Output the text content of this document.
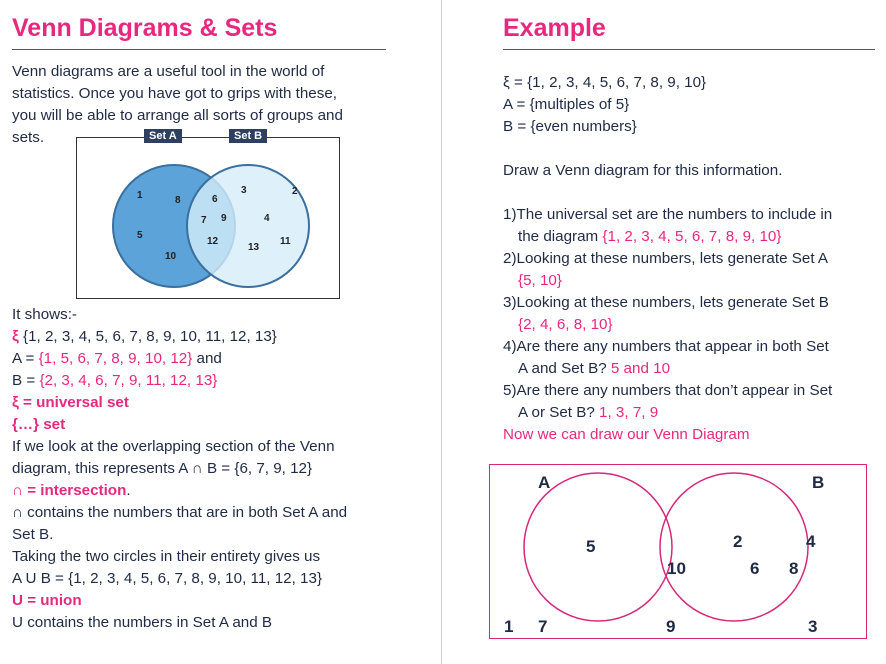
Venn Diagrams & Sets
Venn diagrams are a useful tool in the world of
statistics. Once you have got to grips with these,
you will be able to arrange all sorts of groups and
sets.	Set A	Set B
1	8
5
10
6
7 9
12
3	2
4
13
11
It shows:-
ξ {1, 2, 3, 4, 5, 6, 7, 8, 9, 10, 11, 12, 13}
A = {1, 5, 6, 7, 8, 9, 10, 12} and
B = {2, 3, 4, 6, 7, 9, 11, 12, 13}
ξ = universal set
{…} set
If we look at the overlapping section of the Venn
diagram, this represents A ∩ B = {6, 7, 9, 12}
∩ = intersection.
∩ contains the numbers that are in both Set A and
Set B.
Taking the two circles in their entirety gives us
A U B = {1, 2, 3, 4, 5, 6, 7, 8, 9, 10, 11, 12, 13}
U = union
U contains the numbers in Set A and B
Example
ξ = {1, 2, 3, 4, 5, 6, 7, 8, 9, 10}
A = {multiples of 5}
B = {even numbers}
Draw a Venn diagram for this information.
1)The universal set are the numbers to include in
the diagram {1, 2, 3, 4, 5, 6, 7, 8, 9, 10}
2)Looking at these numbers, lets generate Set A
{5, 10}
3)Looking at these numbers, lets generate Set B
{2, 4, 6, 8, 10}
4)Are there any numbers that appear in both Set
A and Set B? 5 and 10
5)Are there any numbers that don’t appear in Set
A or Set B? 1, 3, 7, 9
Now we can draw our Venn Diagram
A	B
5
10
2	4
6 8
1 7	9	3
